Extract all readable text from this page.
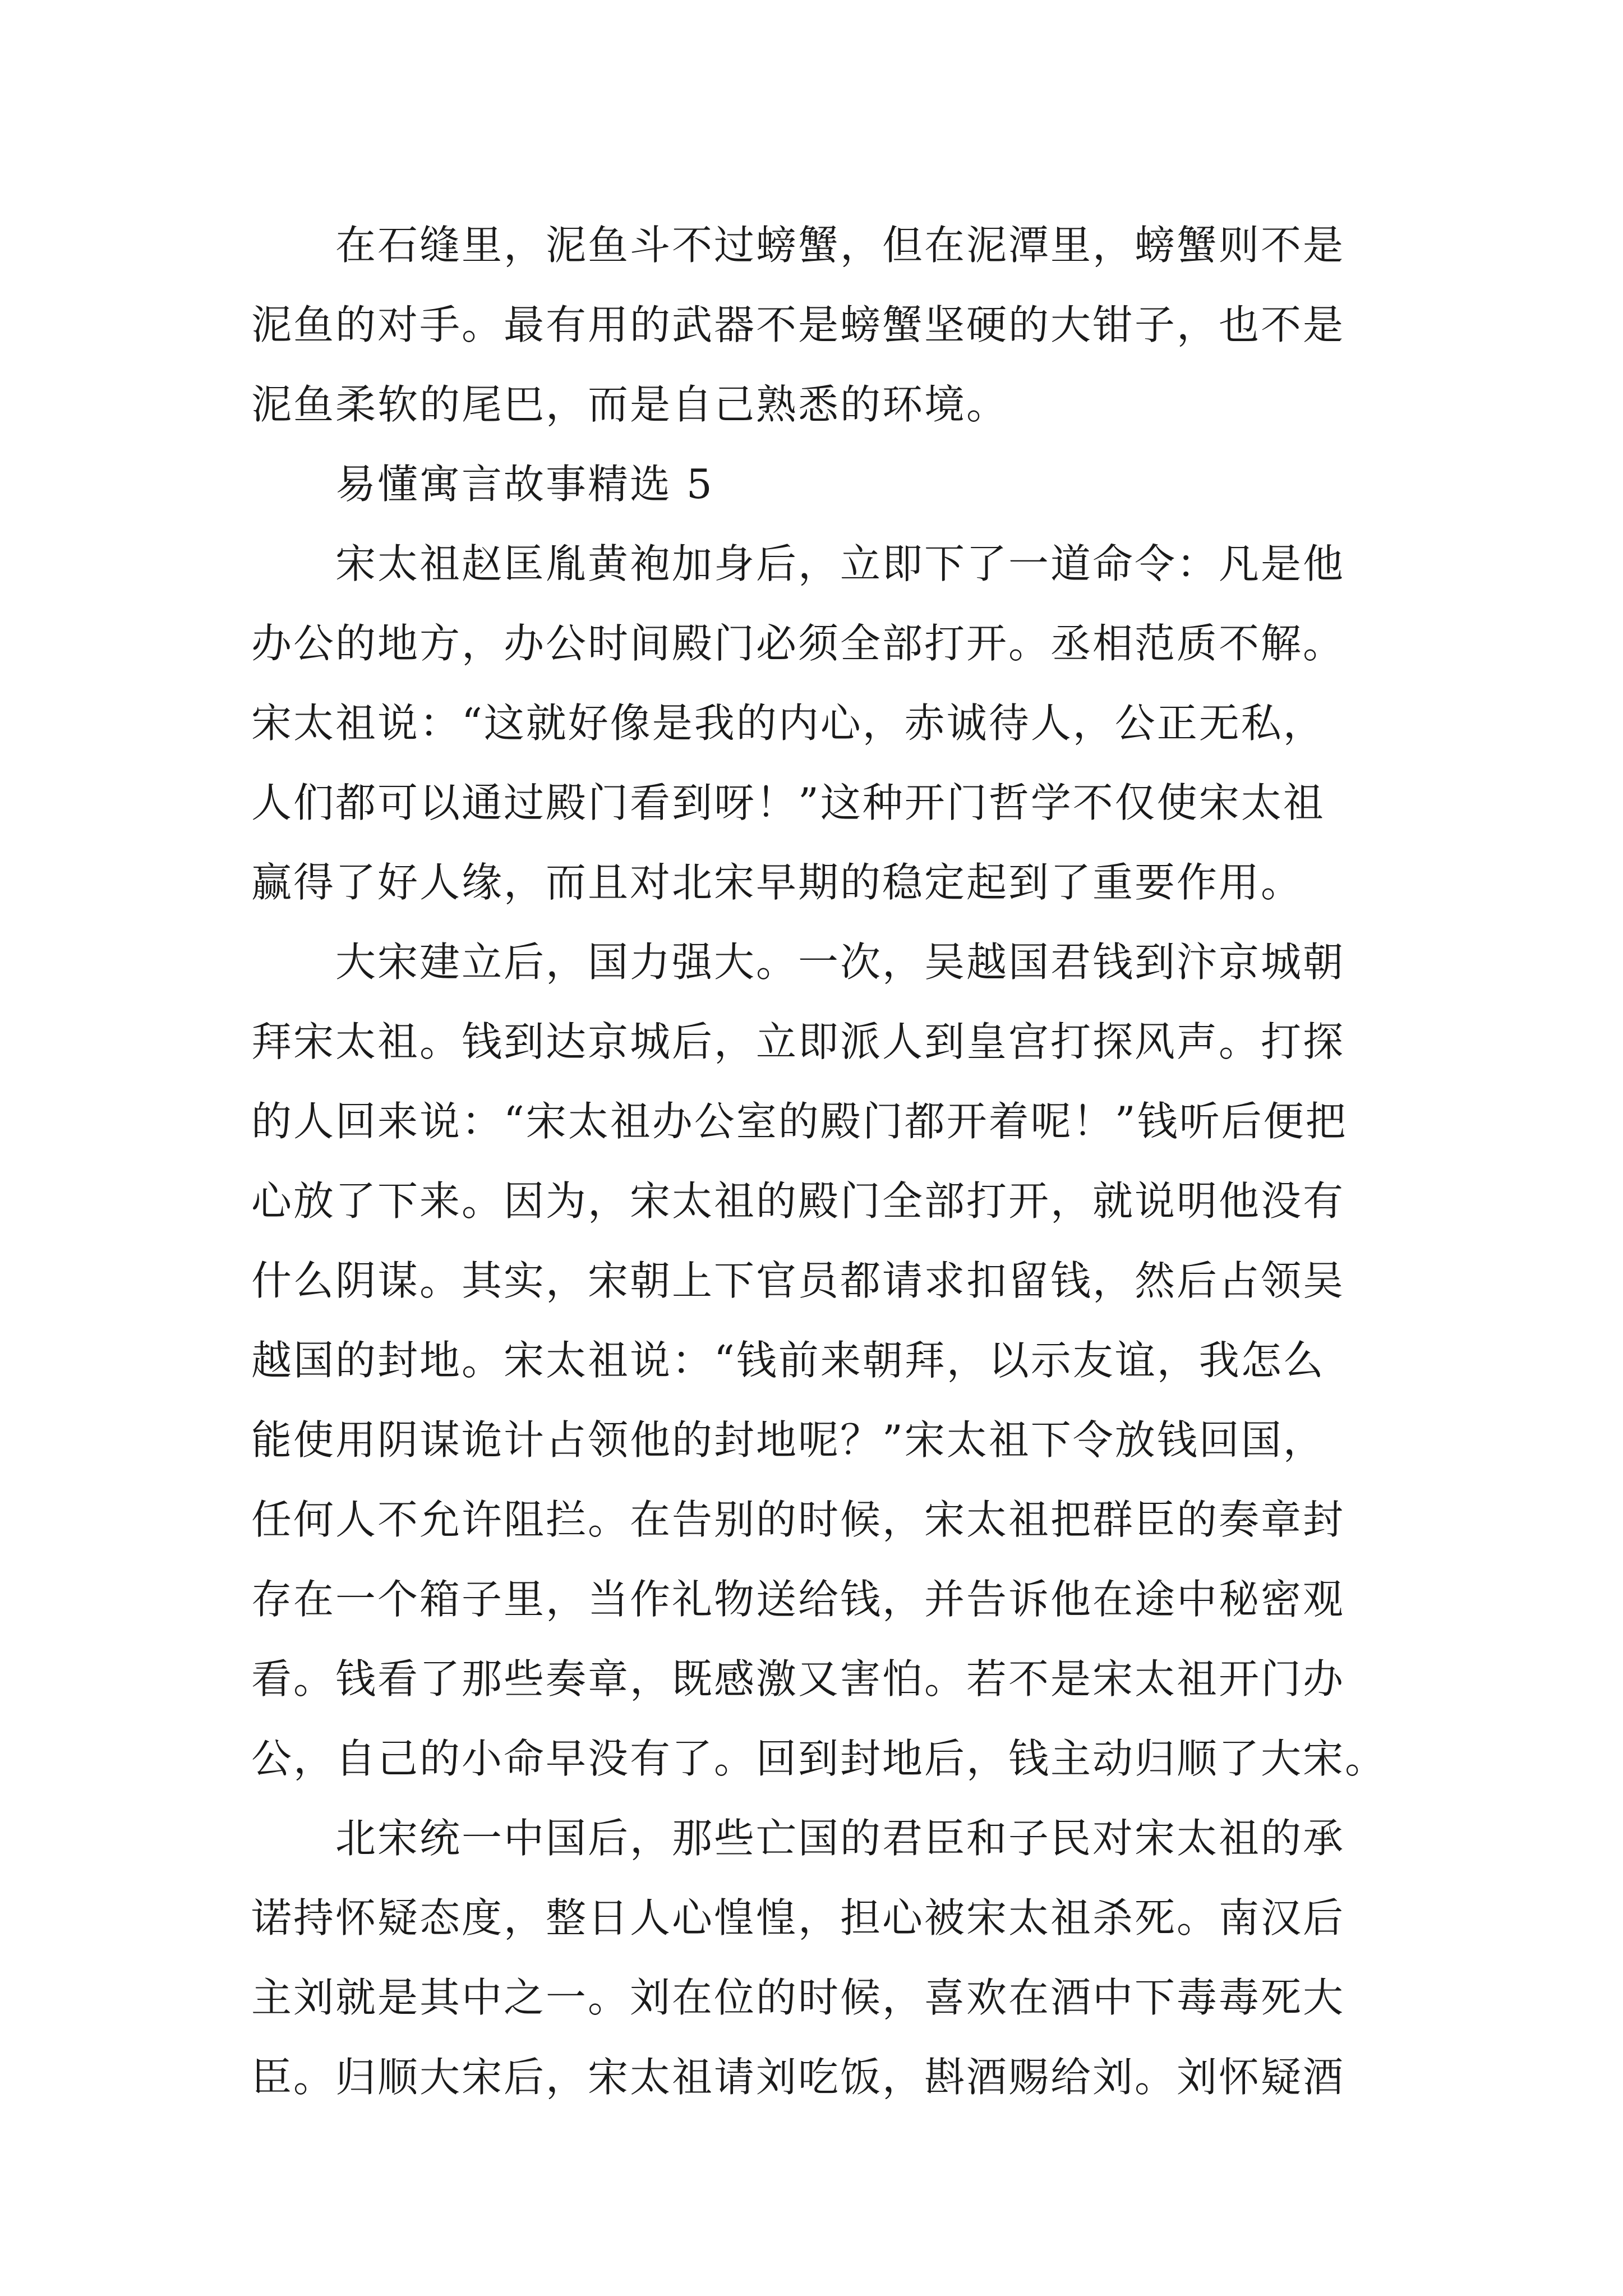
在石缝里，泥鱼斗不过螃蟹，但在泥潭里，螃蟹则不是
泥鱼的对手。最有用的武器不是螃蟹坚硬的大钳子，也不是
泥鱼柔软的尾巴，而是自己熟悉的环境。
易懂寓言故事精选 5
宋太祖赵匡胤黄袍加身后，立即下了一道命令：凡是他
办公的地方，办公时间殿门必须全部打开。丞相范质不解。
宋太祖说：“这就好像是我的内心，赤诚待人，公正无私，
人们都可以通过殿门看到呀！”这种开门哲学不仅使宋太祖
赢得了好人缘，而且对北宋早期的稳定起到了重要作用。
大宋建立后，国力强大。一次，吴越国君钱到汴京城朝
拜宋太祖。钱到达京城后，立即派人到皇宫打探风声。打探
的人回来说：“宋太祖办公室的殿门都开着呢！”钱听后便把
心放了下来。因为，宋太祖的殿门全部打开，就说明他没有
什么阴谋。其实，宋朝上下官员都请求扣留钱，然后占领吴
越国的封地。宋太祖说：“钱前来朝拜，以示友谊，我怎么
能使用阴谋诡计占领他的封地呢？”宋太祖下令放钱回国，
任何人不允许阻拦。在告别的时候，宋太祖把群臣的奏章封
存在一个箱子里，当作礼物送给钱，并告诉他在途中秘密观
看。钱看了那些奏章，既感激又害怕。若不是宋太祖开门办
公，自己的小命早没有了。回到封地后，钱主动归顺了大宋。
北宋统一中国后，那些亡国的君臣和子民对宋太祖的承
诺持怀疑态度，整日人心惶惶，担心被宋太祖杀死。南汉后
主刘就是其中之一。刘在位的时候，喜欢在酒中下毒毒死大
臣。归顺大宋后，宋太祖请刘吃饭，斟酒赐给刘。刘怀疑酒
